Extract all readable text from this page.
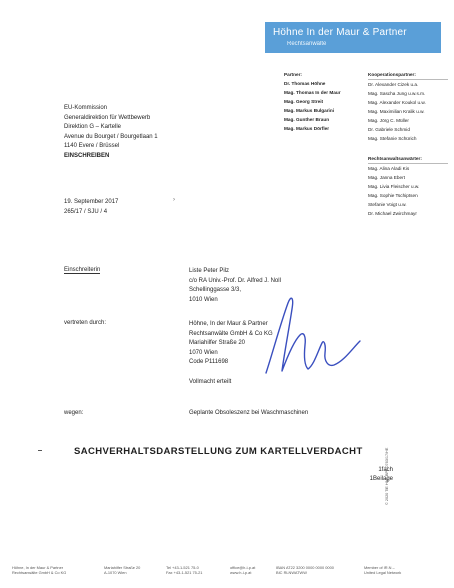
Höhne In der Maur & Partner
Rechtsanwälte
Partner:
Dr. Thomas Höhne
Mag. Thomas In der Maur
Mag. Georg Streit
Mag. Markus Bulgarini
Mag. Gunther Braun
Mag. Markus Dörfler
Kooperationspartner:
Dr. Alexander Cizek u.a.
Mag. Sascha Jung u.w.s.m.
Mag. Alexander Koukol u.w.
Mag. Maximilian Kralik u.w.
Mag. Jörg C. Müller
Dr. Gabriele Schmid
Mag. Stefanie Schürich
Rechtsanwaltsanwärter:
Mag. Alina Aladi Kis
Mag. Janna Ebert
Mag. Livia Fleischer u.w.
Mag. Sophie Tschiptsen
Stefanie Voigt u.w.
Dr. Michael Zwirchmayr
EU-Kommission
Generaldirektion für Wettbewerb
Direktion G – Kartelle
Avenue du Bourget / Bourgetlaan 1
1140 Evere / Brüssel
EINSCHREIBEN
19. September 2017
265/17 / SJU / 4
›
Einschreiterin	Liste Peter Pilz
c/o RA Univ.-Prof. Dr. Alfred J. Noll
Schellinggasse 3/3,
1010 Wien
vertreten durch:	Höhne, In der Maur & Partner
Rechtsanwälte GmbH & Co KG
Mariahilfer Straße 20
1070 Wien
Code P111698
Vollmacht erteilt
wegen:	Geplante Obsoleszenz bei Waschmaschinen
SACHVERHALTSDARSTELLUNG ZUM KARTELLVERDACHT
1fach
1Beilage
© 2020 TiE HiW, BPF 0763/17/HE
Höhne, In der Maur & Partner
Rechtsanwälte GmbH & Co KG
Mariahilfer Straße 20
A-1070 Wien
Tel +43-1-521 75-0
Fax +43-1-521 75-21
office@h-i-p.at
www.h-i-p.at
IBAN AT22 3200 0000 0000 0000
BIC RLNWATWW
Member of IR.N –
United Legal Network
